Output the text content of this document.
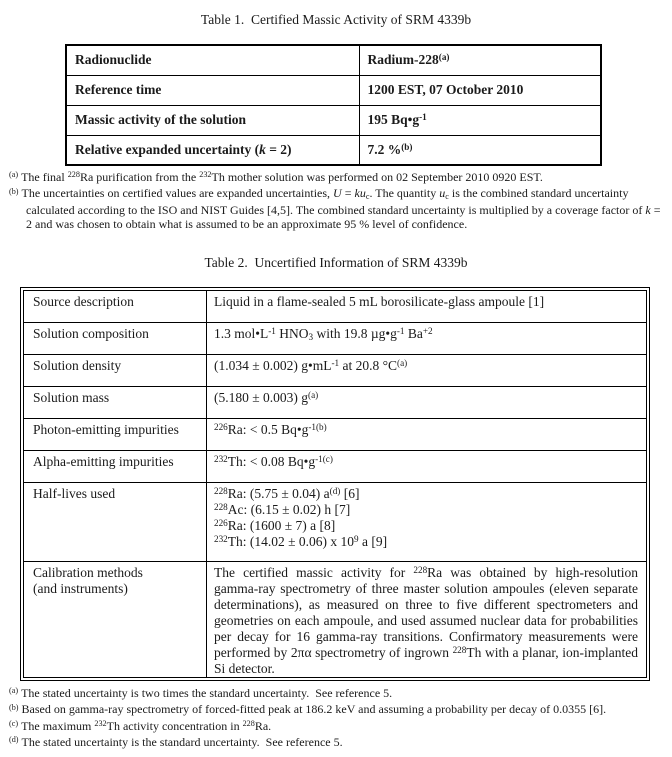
Table 1.  Certified Massic Activity of SRM 4339b
Radionuclide	Radium-228$^{(a)}$
Reference time	1200 EST, 07 October 2010
Massic activity of the solution	195 $Bq•g^{-1}$
Relative expanded uncertainty (k = 2)	7.2 %$^{(b)}$
$^{(a)}$ The final $^{228}$Ra purification from the $^{232}$Th mother solution was performed on 02 September 2010 0920 EST.
$^{(b)}$ The uncertainties on certified values are expanded uncertainties, $U = ku_c$. The quantity $u_c$ is the combined standard uncertainty calculated according to the ISO and NIST Guides [4,5]. The combined standard uncertainty is multiplied by a coverage factor of k = 2 and was chosen to obtain what is assumed to be an approximate 95 % level of confidence.
Table 2.  Uncertified Information of SRM 4339b
Source description	Liquid in a flame-sealed 5 mL borosilicate-glass ampoule [1]
Solution composition	1.3 $mol•L^{-1}$ $HNO_3$ with 19.8 $\mu g•g^{-1}$ $Ba^{+2}$
Solution density	(1.034 ± 0.002) $g•mL^{-1}$ at 20.8 $^\circ C^{(a)}$
Solution mass	(5.180 ± 0.003) $g^{(a)}$
Photon-emitting impurities	$^{226}$Ra: < 0.5 $Bq•g^{-1(b)}$
Alpha-emitting impurities	$^{232}$Th: < 0.08 $Bq•g^{-1(c)}$
Half-lives used	$^{228}$Ra: (5.75 ± 0.04) $a^{(d)}$ [6]
$^{228}$Ac: (6.15 ± 0.02) h [7]
$^{226}$Ra: (1600 ± 7) a [8]
$^{232}$Th: (14.02 ± 0.06) x $10^9$ a [9]
Calibration methods
(and instruments)	The certified massic activity for $^{228}$Ra was obtained by high-resolution gamma-ray spectrometry of three master solution ampoules (eleven separate determinations), as measured on three to five different spectrometers and geometries on each ampoule, and used assumed nuclear data for probabilities per decay for 16 gamma-ray transitions. Confirmatory measurements were performed by 2πα spectrometry of ingrown $^{228}$Th with a planar, ion-implanted Si detector.
$^{(a)}$ The stated uncertainty is two times the standard uncertainty.  See reference 5.
$^{(b)}$ Based on gamma-ray spectrometry of forced-fitted peak at 186.2 keV and assuming a probability per decay of 0.0355 [6].
$^{(c)}$ The maximum $^{232}$Th activity concentration in $^{228}$Ra.
$^{(d)}$ The stated uncertainty is the standard uncertainty.  See reference 5.
